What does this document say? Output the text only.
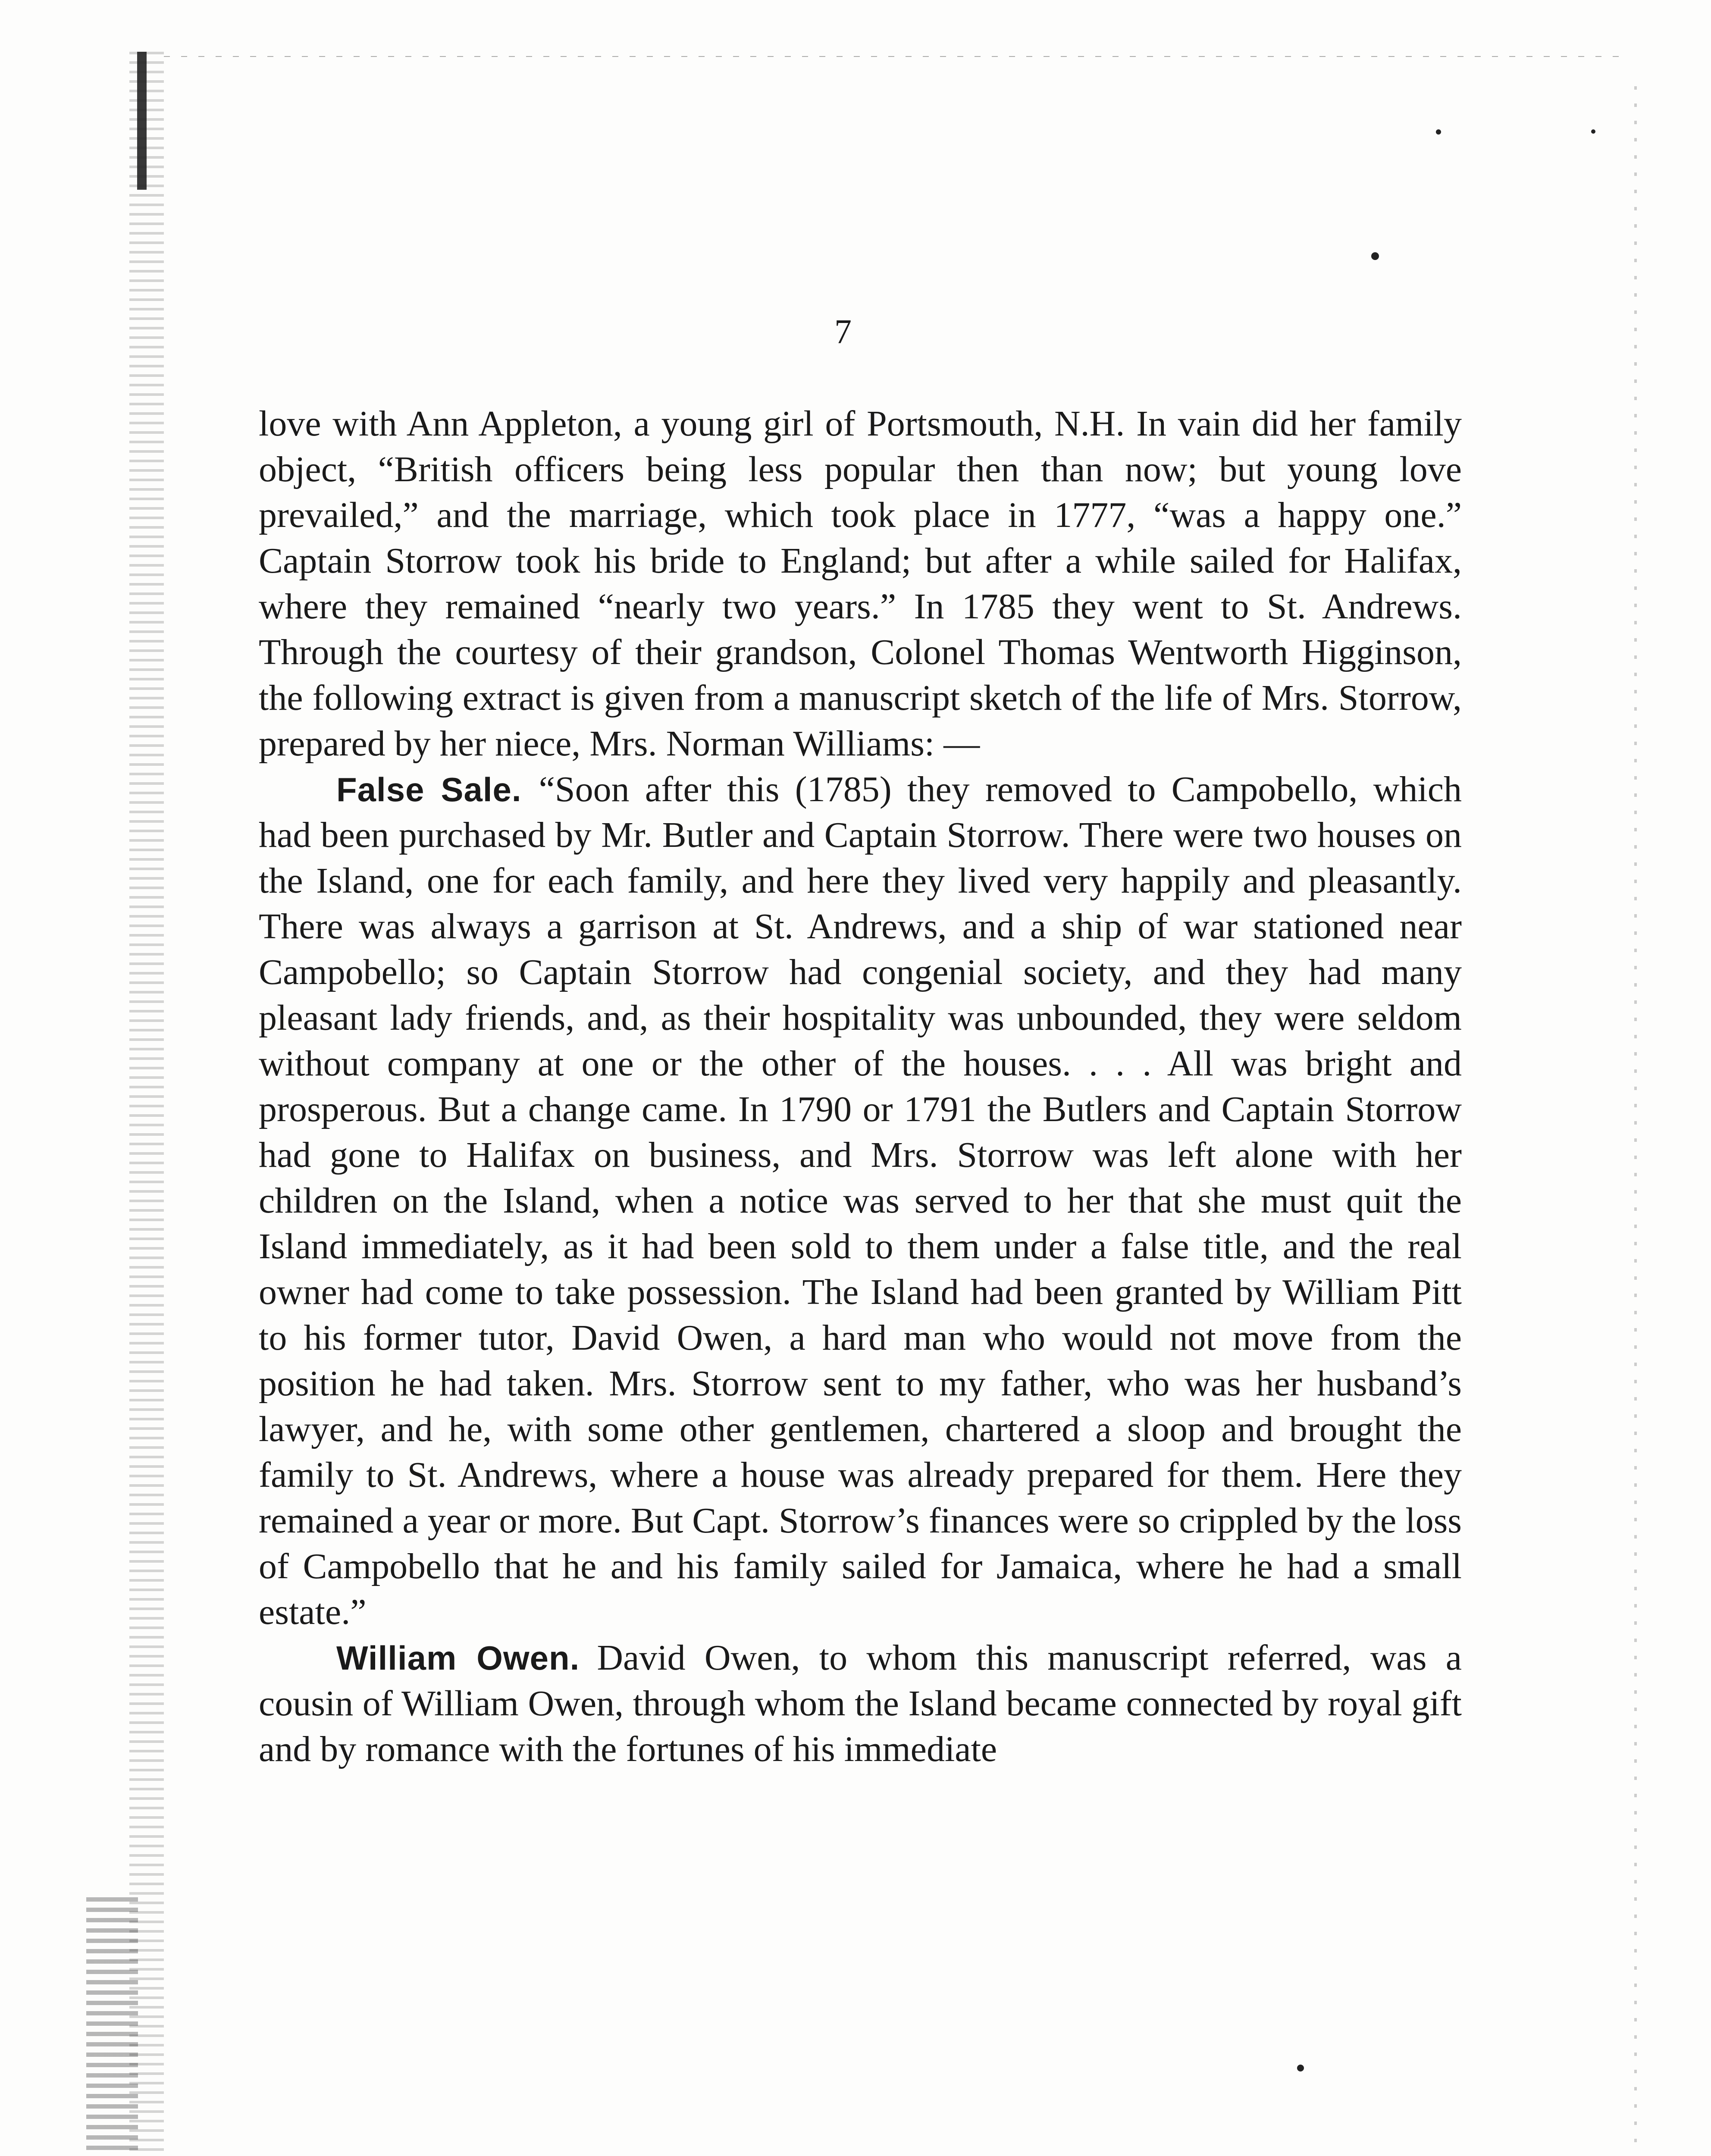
7

love with Ann Appleton, a young girl of Portsmouth, N.H. In vain did her family object, “British officers being less popular then than now; but young love prevailed,” and the marriage, which took place in 1777, “was a happy one.” Captain Storrow took his bride to England; but after a while sailed for Halifax, where they remained “nearly two years.” In 1785 they went to St. Andrews. Through the courtesy of their grandson, Colonel Thomas Wentworth Higginson, the following extract is given from a manuscript sketch of the life of Mrs. Storrow, prepared by her niece, Mrs. Norman Williams: —

False Sale. “Soon after this (1785) they removed to Campobello, which had been purchased by Mr. Butler and Captain Storrow. There were two houses on the Island, one for each family, and here they lived very happily and pleasantly. There was always a garrison at St. Andrews, and a ship of war stationed near Campobello; so Captain Storrow had congenial society, and they had many pleasant lady friends, and, as their hospitality was unbounded, they were seldom without company at one or the other of the houses. . . . All was bright and prosperous. But a change came. In 1790 or 1791 the Butlers and Captain Storrow had gone to Halifax on business, and Mrs. Storrow was left alone with her children on the Island, when a notice was served to her that she must quit the Island immediately, as it had been sold to them under a false title, and the real owner had come to take possession. The Island had been granted by William Pitt to his former tutor, David Owen, a hard man who would not move from the position he had taken. Mrs. Storrow sent to my father, who was her husband’s lawyer, and he, with some other gentlemen, chartered a sloop and brought the family to St. Andrews, where a house was already prepared for them. Here they remained a year or more. But Capt. Storrow’s finances were so crippled by the loss of Campobello that he and his family sailed for Jamaica, where he had a small estate.”

William Owen. David Owen, to whom this manuscript referred, was a cousin of William Owen, through whom the Island became connected by royal gift and by romance with the fortunes of his immediate
